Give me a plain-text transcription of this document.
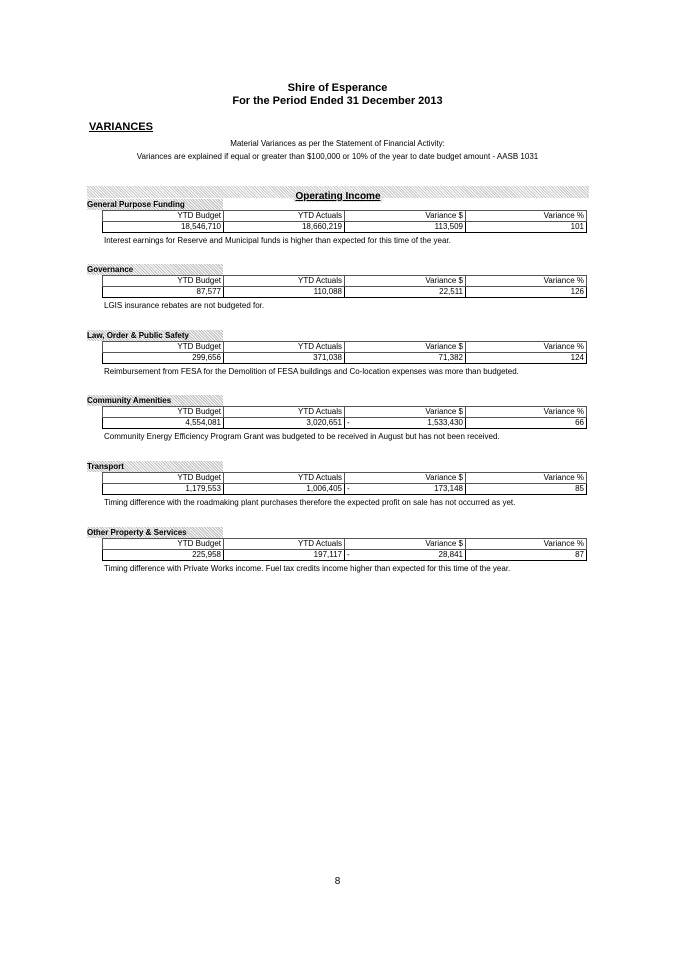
Shire of Esperance
For the Period Ended 31 December 2013
VARIANCES
Material Variances as per the Statement of Financial Activity:
Variances are explained if equal or greater than $100,000 or 10% of the year to date budget amount - AASB 1031
Operating Income
General Purpose Funding
YTD Budget	YTD Actuals	Variance $	Variance %
18,546,710	18,660,219	113,509	101
Interest earnings for Reserve and Municipal funds is higher than expected for this time of the year.
Governance
YTD Budget	YTD Actuals	Variance $	Variance %
87,577	110,088	22,511	126
LGIS insurance rebates are not budgeted for.
Law, Order & Public Safety
YTD Budget	YTD Actuals	Variance $	Variance %
299,656	371,038	71,382	124
Reimbursement from FESA for the Demolition of FESA buildings and Co-location expenses was more than budgeted.
Community Amenities
YTD Budget	YTD Actuals	Variance $	Variance %
4,554,081	3,020,651	- 1,533,430	66
Community Energy Efficiency Program Grant was budgeted to be received in August but has not been received.
Transport
YTD Budget	YTD Actuals	Variance $	Variance %
1,179,553	1,006,405	- 173,148	85
Timing difference with the roadmaking plant purchases therefore the expected profit on sale has not occurred as yet.
Other Property & Services
YTD Budget	YTD Actuals	Variance $	Variance %
225,958	197,117	- 28,841	87
Timing difference with Private Works income. Fuel tax credits income higher than expected for this time of the year.
8
